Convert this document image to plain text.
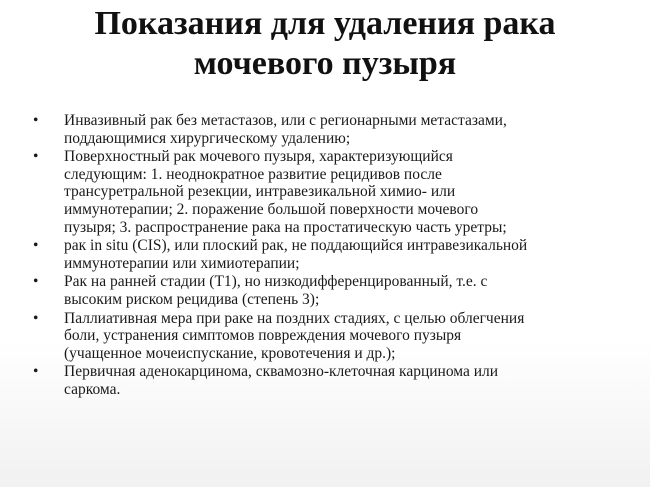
Показания для удаления рака
мочевого пузыря
• Инвазивный рак без метастазов, или с регионарными метастазами,
поддающимися хирургическому удалению;
• Поверхностный рак мочевого пузыря, характеризующийся
следующим: 1. неоднократное развитие рецидивов после
трансуретральной резекции, интравезикальной химио- или
иммунотерапии; 2. поражение большой поверхности мочевого
пузыря; 3. распространение рака на простатическую часть уретры;
• рак in situ (CIS), или плоский рак, не поддающийся интравезикальной
иммунотерапии или химиотерапии;
• Рак на ранней стадии (T1), но низкодифференцированный, т.е. с
высоким риском рецидива (степень 3);
• Паллиативная мера при раке на поздних стадиях, с целью облегчения
боли, устранения симптомов повреждения мочевого пузыря
(учащенное мочеиспускание, кровотечения и др.);
• Первичная аденокарцинома, сквамозно-клеточная карцинома или
саркома.
